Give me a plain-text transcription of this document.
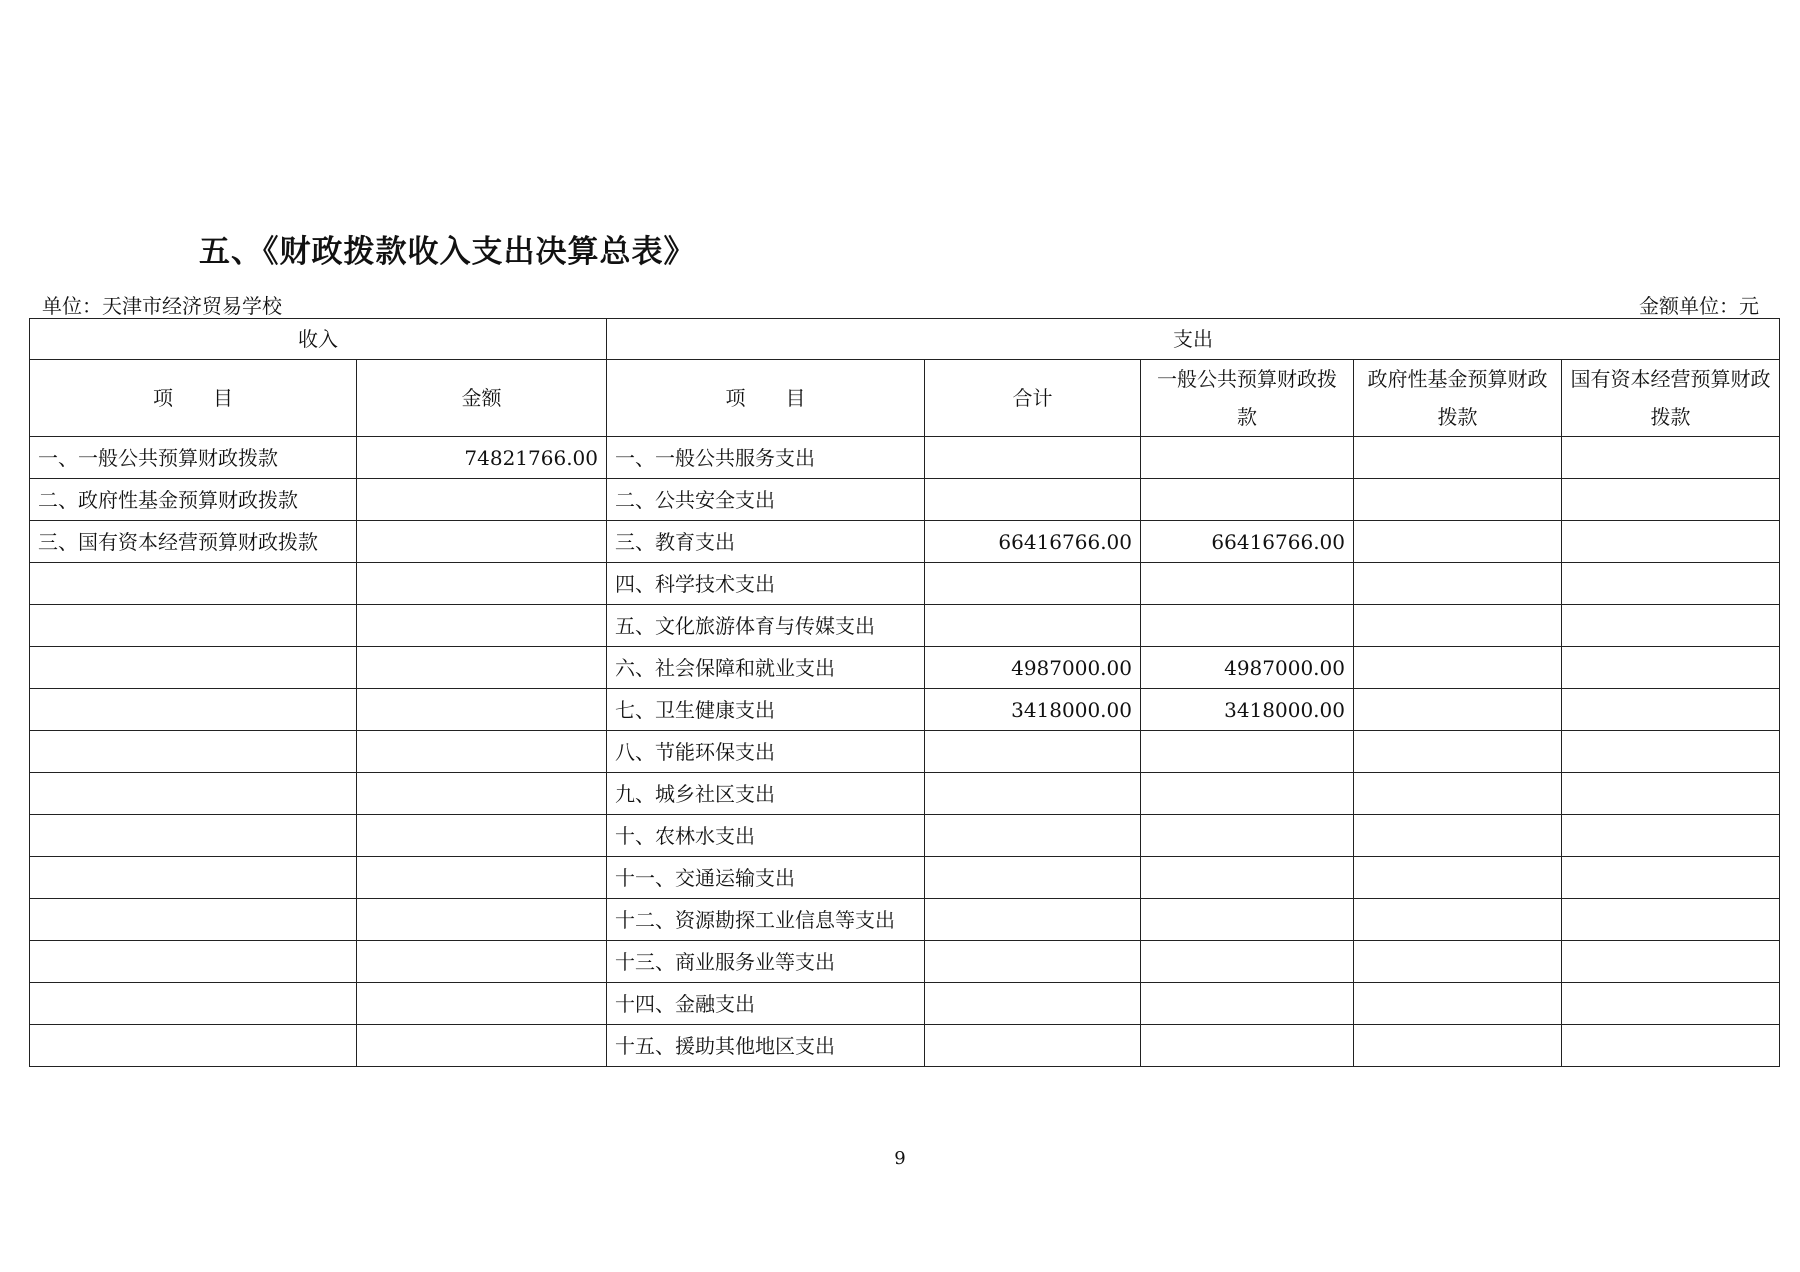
五、《财政拨款收入支出决算总表》
单位：天津市经济贸易学校	金额单位：元
收入		支出				
项　　目	金额	项　　目	合计	一般公共预算财政拨款	政府性基金预算财政拨款	国有资本经营预算财政拨款
一、一般公共预算财政拨款	74821766.00	一、一般公共服务支出				
二、政府性基金预算财政拨款		二、公共安全支出				
三、国有资本经营预算财政拨款		三、教育支出	66416766.00	66416766.00		
		四、科学技术支出				
		五、文化旅游体育与传媒支出				
		六、社会保障和就业支出	4987000.00	4987000.00		
		七、卫生健康支出	3418000.00	3418000.00		
		八、节能环保支出				
		九、城乡社区支出				
		十、农林水支出				
		十一、交通运输支出				
		十二、资源勘探工业信息等支出				
		十三、商业服务业等支出				
		十四、金融支出				
		十五、援助其他地区支出				
9
